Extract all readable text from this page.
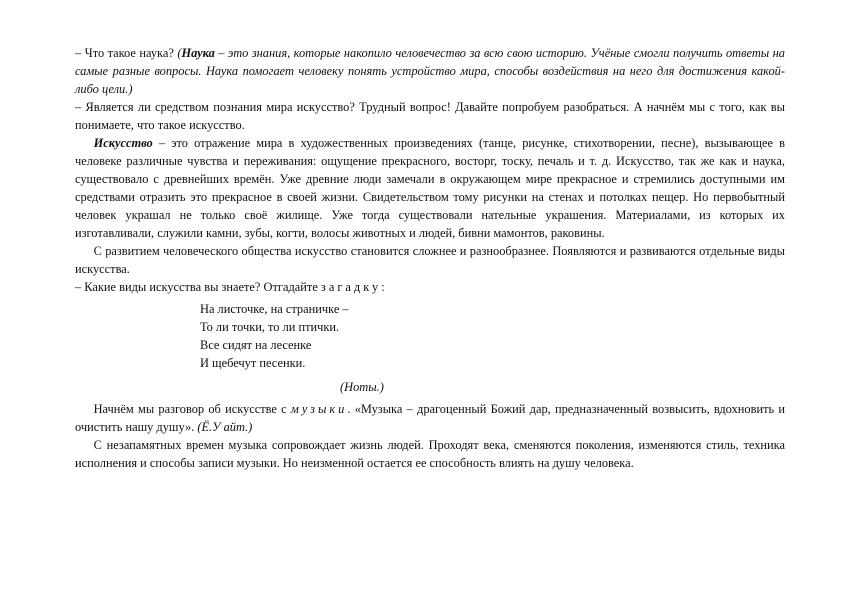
– Что такое наука? (Наука – это знания, которые накопило человечество за всю свою историю. Учёные смогли получить ответы на самые разные вопросы. Наука помогает человеку понять устройство мира, способы воздействия на него для достижения какой-либо цели.)

– Является ли средством познания мира искусство? Трудный вопрос! Давайте попробуем разобраться. А начнём мы с того, как вы понимаете, что такое искусство.

  Искусство – это отражение мира в художественных произведениях (танце, рисунке, стихотворении, песне), вызывающее в человеке различные чувства и переживания: ощущение прекрасного, восторг, тоску, печаль и т. д. Искусство, так же как и наука, существовало с древнейших времён. Уже древние люди замечали в окружающем мире прекрасное и стремились доступными им средствами отразить это прекрасное в своей жизни. Свидетельством тому рисунки на стенах и потолках пещер. Но первобытный человек украшал не только своё жилище. Уже тогда существовали нательные украшения. Материалами, из которых их изготавливали, служили камни, зубы, когти, волосы животных и людей, бивни мамонтов, раковины.

  С развитием человеческого общества искусство становится сложнее и разнообразнее. Появляются и развиваются отдельные виды искусства.

– Какие виды искусства вы знаете? Отгадайте загадку:

На листочке, на страничке –
То ли точки, то ли птички.
Все сидят на лесенке
И щебечут песенки.
(Ноты.)

  Начнём мы разговор об искусстве с музыки. «Музыка – драгоценный Божий дар, предназначенный возвысить, вдохновить и очистить нашу душу». (Ё.У айт.)

  С незапамятных времен музыка сопровождает жизнь людей. Проходят века, сменяются поколения, изменяются стиль, техника исполнения и способы записи музыки. Но неизменной остается ее способность влиять на душу человека.
